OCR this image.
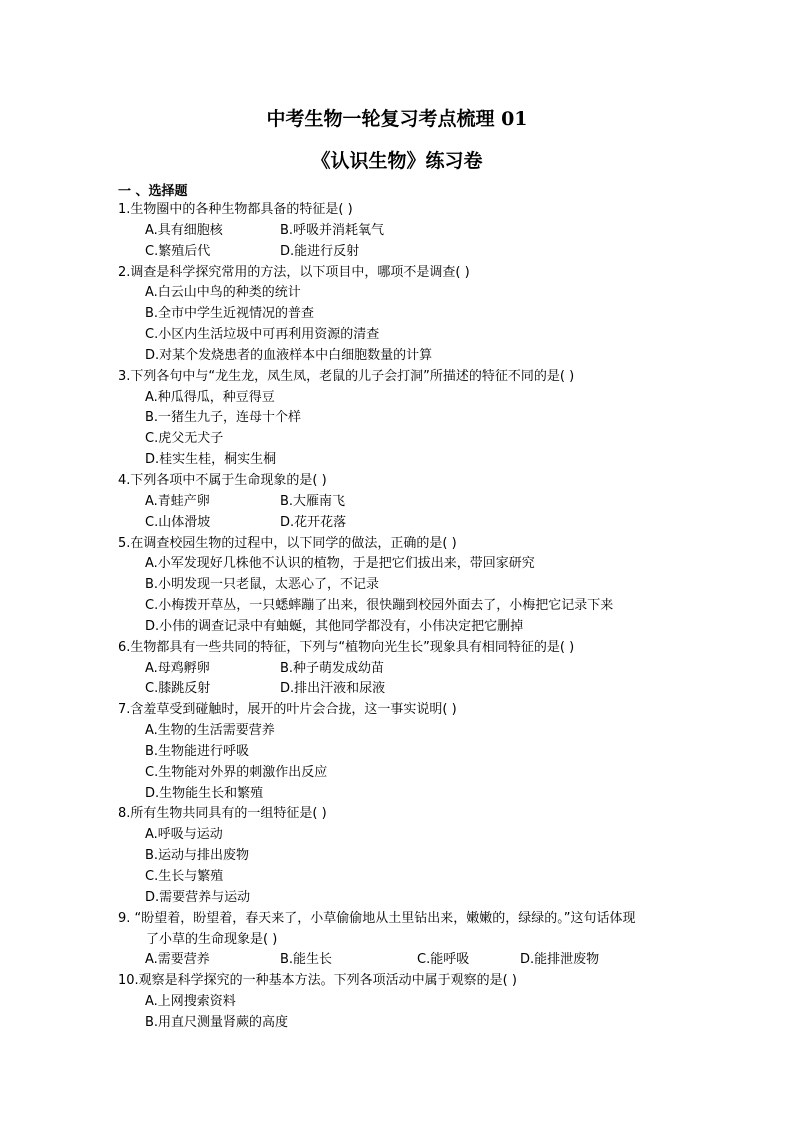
中考生物一轮复习考点梳理 01
《认识生物》练习卷
一 、选择题
1.生物圈中的各种生物都具备的特征是( )
A.具有细胞核	B.呼吸并消耗氧气
C.繁殖后代	D.能进行反射
2.调查是科学探究常用的方法，以下项目中，哪项不是调查( )
A.白云山中鸟的种类的统计
B.全市中学生近视情况的普查
C.小区内生活垃圾中可再利用资源的清查
D.对某个发烧患者的血液样本中白细胞数量的计算
3.下列各句中与“龙生龙，凤生凤，老鼠的儿子会打洞”所描述的特征不同的是( )
A.种瓜得瓜，种豆得豆
B.一猪生九子，连母十个样
C.虎父无犬子
D.桂实生桂，桐实生桐
4.下列各项中不属于生命现象的是( )
A.青蛙产卵	B.大雁南飞
C.山体滑坡	D.花开花落
5.在调查校园生物的过程中，以下同学的做法，正确的是( )
A.小军发现好几株他不认识的植物，于是把它们拔出来，带回家研究
B.小明发现一只老鼠，太恶心了，不记录
C.小梅拨开草丛，一只蟋蟀蹦了出来，很快蹦到校园外面去了，小梅把它记录下来
D.小伟的调查记录中有蚰蜒，其他同学都没有，小伟决定把它删掉
6.生物都具有一些共同的特征，下列与“植物向光生长”现象具有相同特征的是( )
A.母鸡孵卵	B.种子萌发成幼苗
C.膝跳反射	D.排出汗液和尿液
7.含羞草受到碰触时，展开的叶片会合拢，这一事实说明( )
A.生物的生活需要营养
B.生物能进行呼吸
C.生物能对外界的刺激作出反应
D.生物能生长和繁殖
8.所有生物共同具有的一组特征是( )
A.呼吸与运动
B.运动与排出废物
C.生长与繁殖
D.需要营养与运动
9. “盼望着，盼望着，春天来了，小草偷偷地从土里钻出来，嫩嫩的，绿绿的。”这句话体现
了小草的生命现象是( )
A.需要营养	B.能生长	C.能呼吸	D.能排泄废物
10.观察是科学探究的一种基本方法。下列各项活动中属于观察的是( )
A.上网搜索资料
B.用直尺测量肾蕨的高度
